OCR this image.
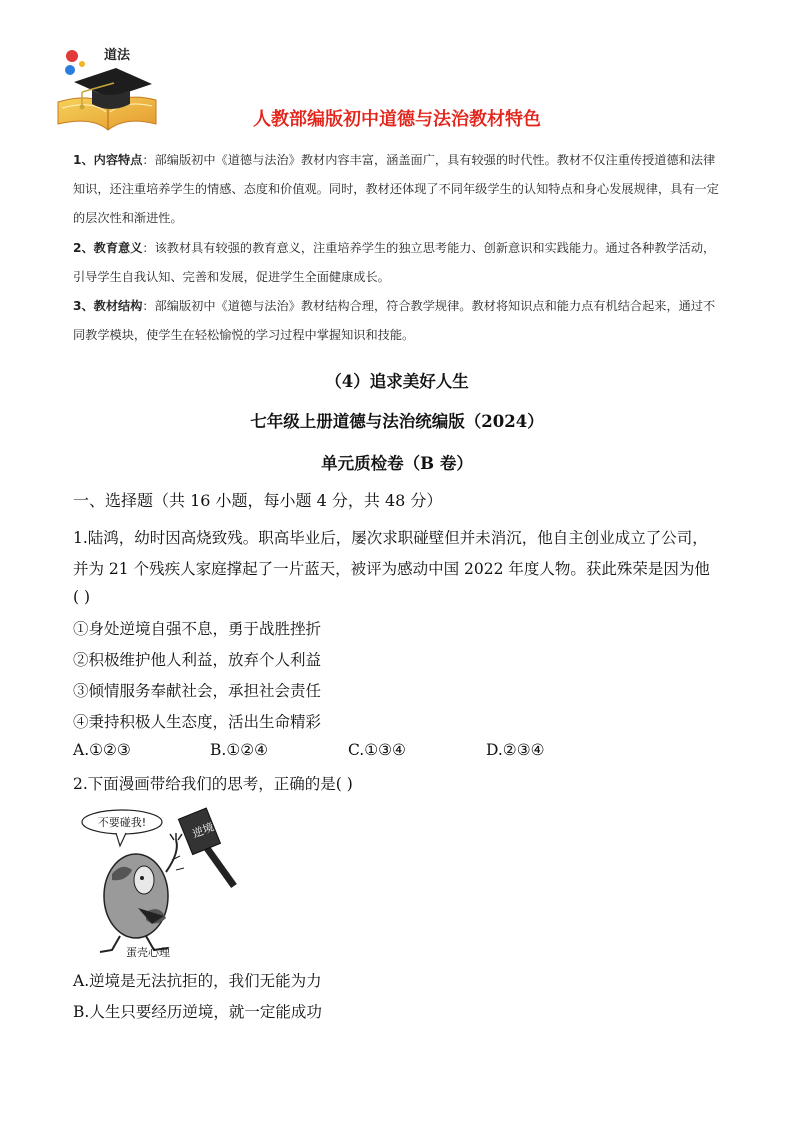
道法
人教部编版初中道德与法治教材特色

1、内容特点：部编版初中《道德与法治》教材内容丰富，涵盖面广，具有较强的时代性。教材不仅注重传授道德和法律知识，还注重培养学生的情感、态度和价值观。同时，教材还体现了不同年级学生的认知特点和身心发展规律，具有一定的层次性和渐进性。

2、教育意义：该教材具有较强的教育意义，注重培养学生的独立思考能力、创新意识和实践能力。通过各种教学活动，引导学生自我认知、完善和发展，促进学生全面健康成长。

3、教材结构：部编版初中《道德与法治》教材结构合理，符合教学规律。教材将知识点和能力点有机结合起来，通过不同教学模块，使学生在轻松愉悦的学习过程中掌握知识和技能。

（4）追求美好人生
七年级上册道德与法治统编版（2024）
单元质检卷（B 卷）
一、选择题（共 16 小题，每小题 4 分，共 48 分）
1.陆鸿，幼时因高烧致残。职高毕业后，屡次求职碰壁但并未消沉，他自主创业成立了公司，
并为 21 个残疾人家庭撑起了一片蓝天，被评为感动中国 2022 年度人物。获此殊荣是因为他
( )
①身处逆境自强不息，勇于战胜挫折
②积极维护他人利益，放弃个人利益
③倾情服务奉献社会，承担社会责任
④秉持积极人生态度，活出生命精彩
A.①②③	B.①②④	C.①③④	D.②③④
2.下面漫画带给我们的思考，正确的是( )
不要碰我!	逆境
蛋壳心理
A.逆境是无法抗拒的，我们无能为力
B.人生只要经历逆境，就一定能成功
